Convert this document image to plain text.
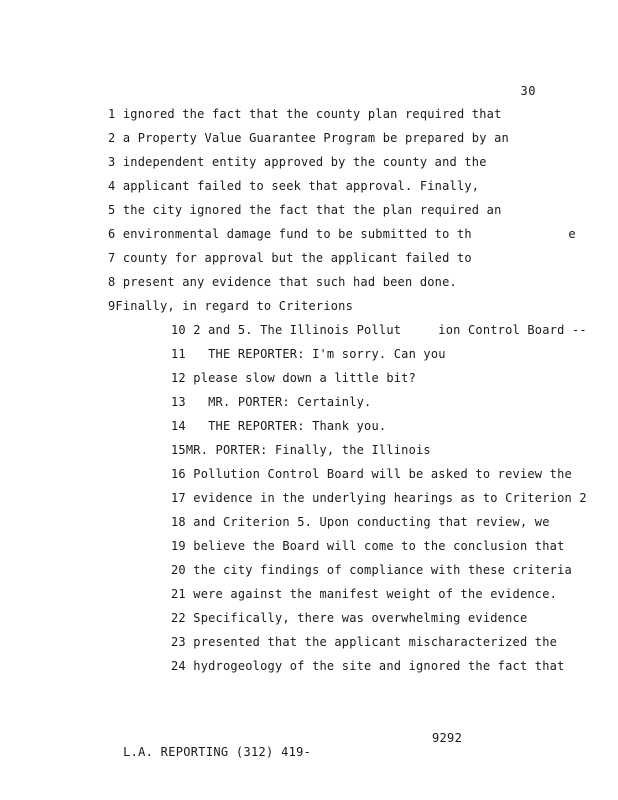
30
1 ignored the fact that the county plan required that
2 a Property Value Guarantee Program be prepared by an
3 independent entity approved by the county and the
4 applicant failed to seek that approval. Finally,
5 the city ignored the fact that the plan required an
6 environmental damage fund to be submitted to th             e
7 county for approval but the applicant failed to
8 present any evidence that such had been done.
9Finally, in regard to Criterions
10 2 and 5. The Illinois Pollut     ion Control Board --
11   THE REPORTER: I'm sorry. Can you
12 please slow down a little bit?
13   MR. PORTER: Certainly.
14   THE REPORTER: Thank you.
15MR. PORTER: Finally, the Illinois
16 Pollution Control Board will be asked to review the
17 evidence in the underlying hearings as to Criterion 2
18 and Criterion 5. Upon conducting that review, we
19 believe the Board will come to the conclusion that
20 the city findings of compliance with these criteria
21 were against the manifest weight of the evidence.
22 Specifically, there was overwhelming evidence
23 presented that the applicant mischaracterized the
24 hydrogeology of the site and ignored the fact that

L.A. REPORTING (312) 419-

9292
